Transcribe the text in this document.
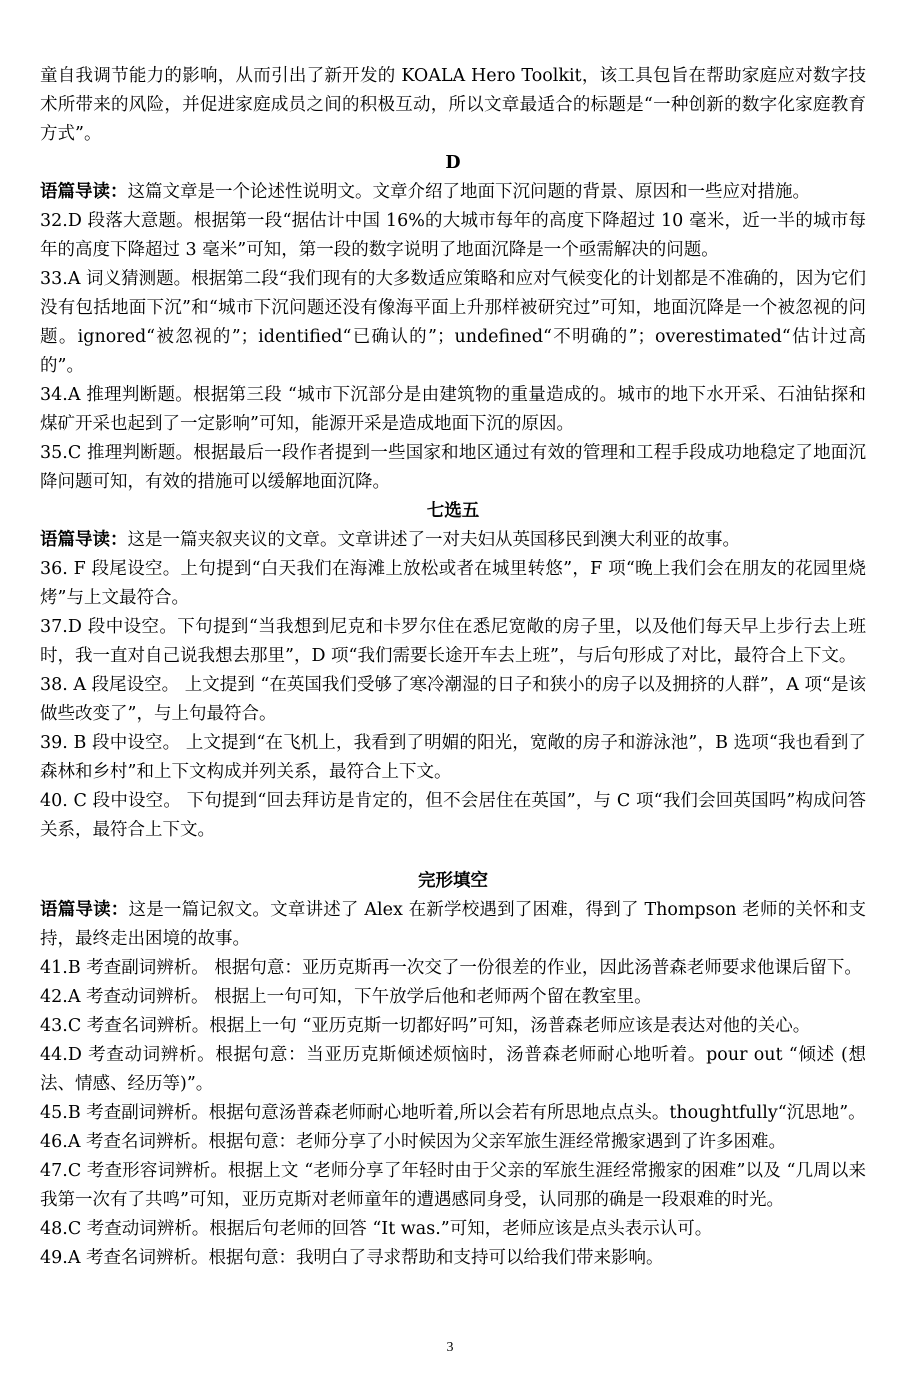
童自我调节能力的影响，从而引出了新开发的 KOALA Hero Toolkit，该工具包旨在帮助家庭应对数字技术所带来的风险，并促进家庭成员之间的积极互动，所以文章最适合的标题是“一种创新的数字化家庭教育方式”。

D

语篇导读：这篇文章是一个论述性说明文。文章介绍了地面下沉问题的背景、原因和一些应对措施。

32.D 段落大意题。根据第一段“据估计中国 16%的大城市每年的高度下降超过 10 毫米，近一半的城市每年的高度下降超过 3 毫米”可知，第一段的数字说明了地面沉降是一个亟需解决的问题。

33.A 词义猜测题。根据第二段“我们现有的大多数适应策略和应对气候变化的计划都是不准确的，因为它们没有包括地面下沉”和“城市下沉问题还没有像海平面上升那样被研究过”可知，地面沉降是一个被忽视的问题。ignored“被忽视的”；identified“已确认的”；undefined“不明确的”；overestimated“估计过高的”。

34.A 推理判断题。根据第三段 “城市下沉部分是由建筑物的重量造成的。城市的地下水开采、石油钻探和煤矿开采也起到了一定影响”可知，能源开采是造成地面下沉的原因。

35.C 推理判断题。根据最后一段作者提到一些国家和地区通过有效的管理和工程手段成功地稳定了地面沉降问题可知，有效的措施可以缓解地面沉降。

七选五

语篇导读：这是一篇夹叙夹议的文章。文章讲述了一对夫妇从英国移民到澳大利亚的故事。

36. F 段尾设空。上句提到“白天我们在海滩上放松或者在城里转悠”，F 项“晚上我们会在朋友的花园里烧烤”与上文最符合。

37.D 段中设空。下句提到“当我想到尼克和卡罗尔住在悉尼宽敞的房子里，以及他们每天早上步行去上班时，我一直对自己说我想去那里”，D 项“我们需要长途开车去上班”，与后句形成了对比，最符合上下文。

38. A 段尾设空。 上文提到 “在英国我们受够了寒冷潮湿的日子和狭小的房子以及拥挤的人群”，A 项“是该做些改变了”，与上句最符合。

39. B 段中设空。 上文提到“在飞机上，我看到了明媚的阳光，宽敞的房子和游泳池”，B 选项“我也看到了森林和乡村”和上下文构成并列关系，最符合上下文。

40. C 段中设空。 下句提到“回去拜访是肯定的，但不会居住在英国”，与 C 项“我们会回英国吗”构成问答关系，最符合上下文。

完形填空

语篇导读：这是一篇记叙文。文章讲述了 Alex 在新学校遇到了困难，得到了 Thompson 老师的关怀和支持，最终走出困境的故事。

41.B 考查副词辨析。 根据句意：亚历克斯再一次交了一份很差的作业，因此汤普森老师要求他课后留下。

42.A 考查动词辨析。 根据上一句可知，下午放学后他和老师两个留在教室里。

43.C 考查名词辨析。根据上一句 “亚历克斯一切都好吗”可知，汤普森老师应该是表达对他的关心。

44.D 考查动词辨析。根据句意：当亚历克斯倾述烦恼时，汤普森老师耐心地听着。pour out “倾述 (想法、情感、经历等)”。

45.B 考查副词辨析。根据句意汤普森老师耐心地听着,所以会若有所思地点点头。thoughtfully“沉思地”。

46.A 考查名词辨析。根据句意：老师分享了小时候因为父亲军旅生涯经常搬家遇到了许多困难。

47.C 考查形容词辨析。根据上文 “老师分享了年轻时由于父亲的军旅生涯经常搬家的困难”以及 “几周以来我第一次有了共鸣”可知，亚历克斯对老师童年的遭遇感同身受，认同那的确是一段艰难的时光。

48.C 考查动词辨析。根据后句老师的回答 “It was.”可知，老师应该是点头表示认可。

49.A 考查名词辨析。根据句意：我明白了寻求帮助和支持可以给我们带来影响。

3
